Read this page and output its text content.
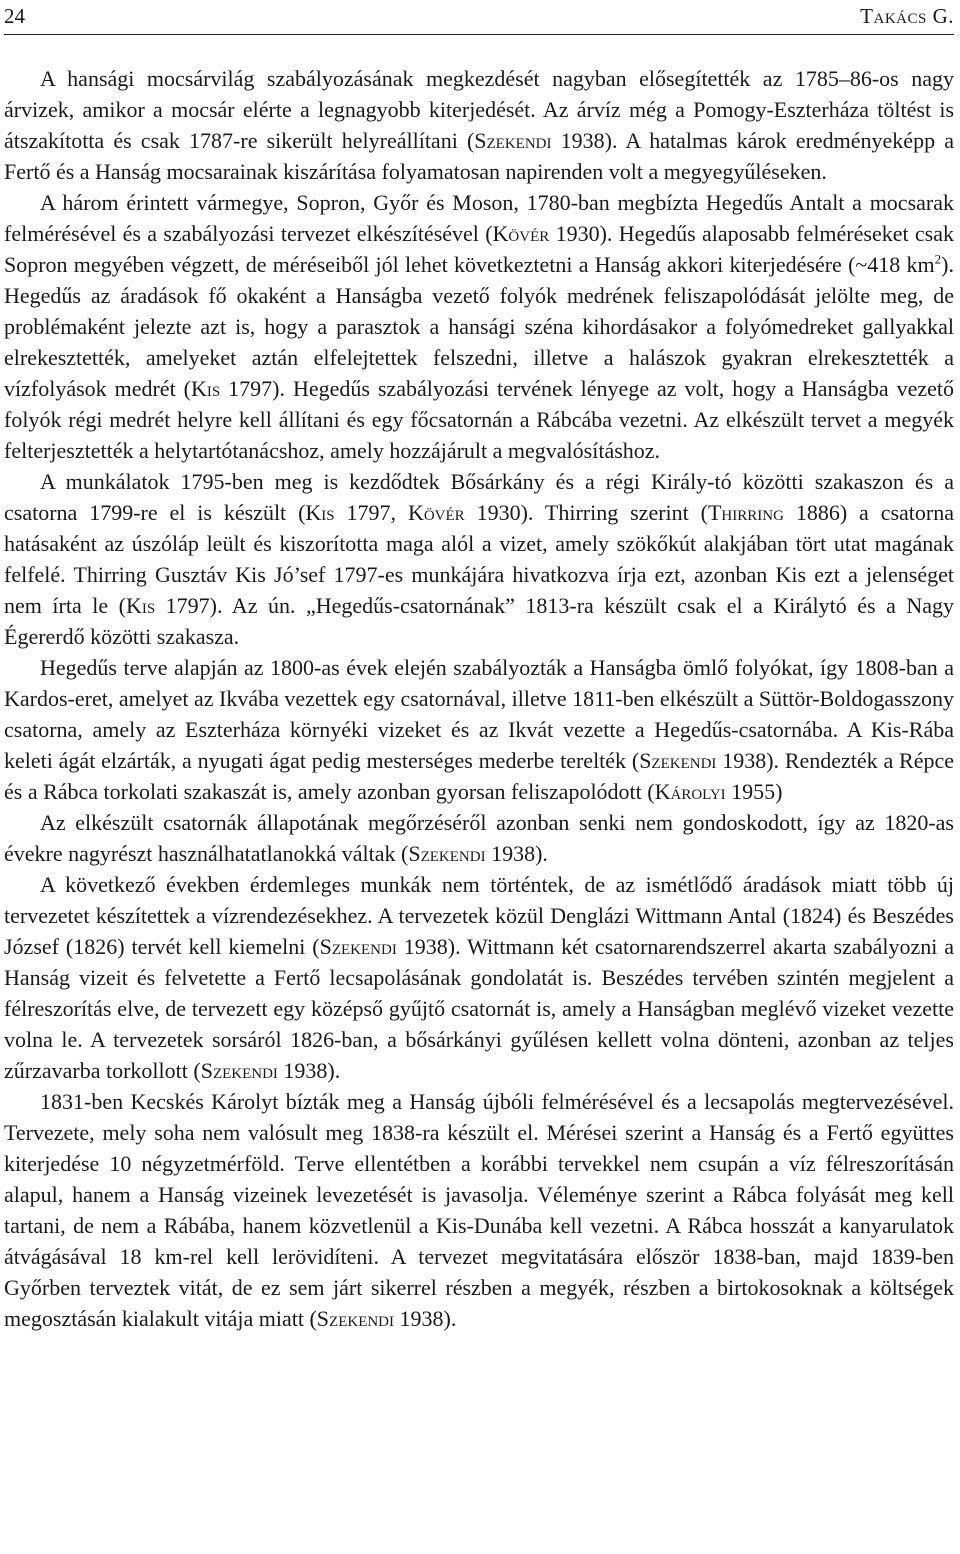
24	Takács G.

A hansági mocsárvilág szabályozásának megkezdését nagyban elősegítették az 1785–86-os nagy árvizek, amikor a mocsár elérte a legnagyobb kiterjedését. Az árvíz még a Pomogy-Eszterháza töltést is átszakította és csak 1787-re sikerült helyreállítani (Szekendi 1938). A hatalmas károk eredményeképp a Fertő és a Hanság mocsarainak kiszárítása folyamatosan napirenden volt a megyegyűléseken.

A három érintett vármegye, Sopron, Győr és Moson, 1780-ban megbízta Hegedűs Antalt a mocsarak felmérésével és a szabályozási tervezet elkészítésével (Kövér 1930). Hegedűs alaposabb felméréseket csak Sopron megyében végzett, de méréseiből jól lehet következtetni a Hanság akkori kiterjedésére (~418 $km^2$). Hegedűs az áradások fő okaként a Hanságba vezető folyók medrének feliszapolódását jelölte meg, de problémaként jelezte azt is, hogy a parasztok a hansági széna kihordásakor a folyómedreket gallyakkal elrekesztették, amelyeket aztán elfelejtettek felszedni, illetve a halászok gyakran elrekesztették a vízfolyások medrét (Kis 1797). Hegedűs szabályozási tervének lényege az volt, hogy a Hanságba vezető folyók régi medrét helyre kell állítani és egy főcsatornán a Rábcába vezetni. Az elkészült tervet a megyék felterjesztették a helytartótanácshoz, amely hozzájárult a megvalósításhoz.

A munkálatok 1795-ben meg is kezdődtek Bősárkány és a régi Király-tó közötti szakaszon és a csatorna 1799-re el is készült (Kis 1797, Kövér 1930). Thirring szerint (Thirring 1886) a csatorna hatásaként az úszóláp leült és kiszorította maga alól a vizet, amely szökőkút alakjában tört utat magának felfelé. Thirring Gusztáv Kis Jó’sef 1797-es munkájára hivatkozva írja ezt, azonban Kis ezt a jelenséget nem írta le (Kis 1797). Az ún. „Hegedűs-csatornának” 1813-ra készült csak el a Királytó és a Nagy Égererdő közötti szakasza.

Hegedűs terve alapján az 1800-as évek elején szabályozták a Hanságba ömlő folyókat, így 1808-ban a Kardos-eret, amelyet az Ikvába vezettek egy csatornával, illetve 1811-ben elkészült a Süttör-Boldogasszony csatorna, amely az Eszterháza környéki vizeket és az Ikvát vezette a Hegedűs-csatornába. A Kis-Rába keleti ágát elzárták, a nyugati ágat pedig mesterséges mederbe terelték (Szekendi 1938). Rendezték a Répce és a Rábca torkolati szakaszát is, amely azonban gyorsan feliszapolódott (Károlyi 1955)

Az elkészült csatornák állapotának megőrzéséről azonban senki nem gondoskodott, így az 1820-as évekre nagyrészt használhatatlanokká váltak (Szekendi 1938).

A következő években érdemleges munkák nem történtek, de az ismétlődő áradások miatt több új tervezetet készítettek a vízrendezésekhez. A tervezetek közül Denglázi Wittmann Antal (1824) és Beszédes József (1826) tervét kell kiemelni (Szekendi 1938). Wittmann két csatornarendszerrel akarta szabályozni a Hanság vizeit és felvetette a Fertő lecsapolásának gondolatát is. Beszédes tervében szintén megjelent a félreszorítás elve, de tervezett egy középső gyűjtő csatornát is, amely a Hanságban meglévő vizeket vezette volna le. A tervezetek sorsáról 1826-ban, a bősárkányi gyűlésen kellett volna dönteni, azonban az teljes zűrzavarba torkollott (Szekendi 1938).

1831-ben Kecskés Károlyt bízták meg a Hanság újbóli felmérésével és a lecsapolás megtervezésével. Tervezete, mely soha nem valósult meg 1838-ra készült el. Mérései szerint a Hanság és a Fertő együttes kiterjedése 10 négyzetmérföld. Terve ellentétben a korábbi tervekkel nem csupán a víz félreszorításán alapul, hanem a Hanság vizeinek levezetését is javasolja. Véleménye szerint a Rábca folyását meg kell tartani, de nem a Rábába, hanem közvetlenül a Kis-Dunába kell vezetni. A Rábca hosszát a kanyarulatok átvágásával 18 km-rel kell lerövidíteni. A tervezet megvitatására először 1838-ban, majd 1839-ben Győrben terveztek vitát, de ez sem járt sikerrel részben a megyék, részben a birtokosoknak a költségek megosztásán kialakult vitája miatt (Szekendi 1938).
